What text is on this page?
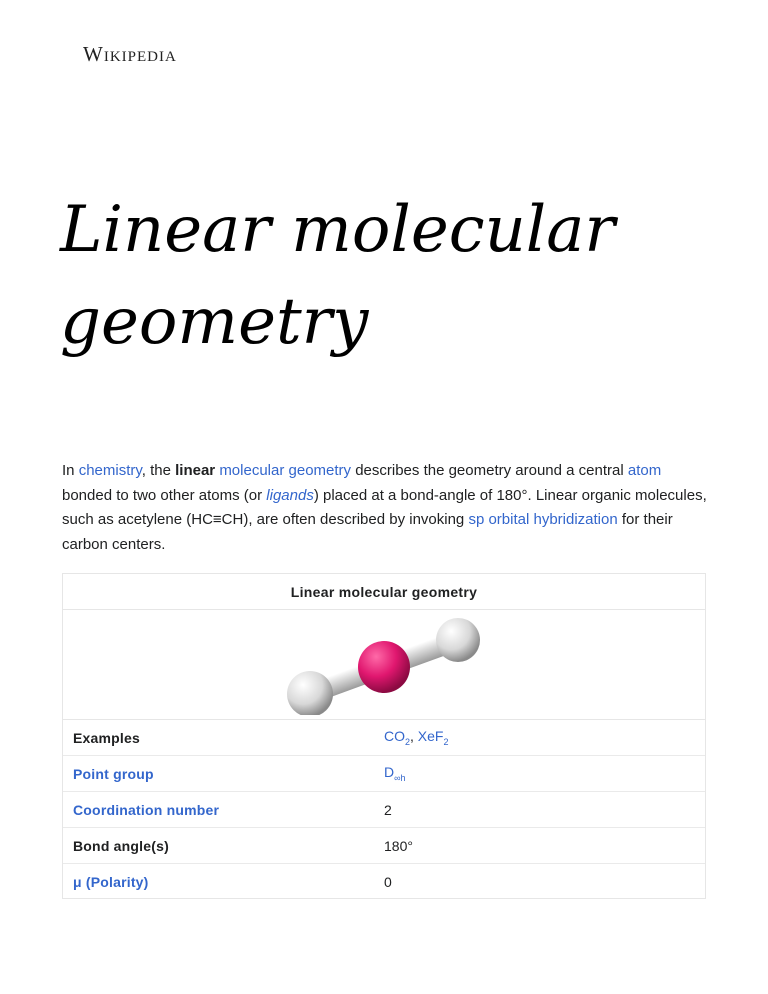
Wikipedia
Linear molecular geometry

In chemistry, the linear molecular geometry describes the geometry around a central atom bonded to two other atoms (or ligands) placed at a bond-angle of 180°. Linear organic molecules, such as acetylene (HC≡CH), are often described by invoking sp orbital hybridization for their carbon centers.

Linear molecular geometry
Examples	$CO_2$, XeF$_2$
Point group	$D_{\infty h}$
Coordination number	2
Bond angle(s)	180°
μ (Polarity)	0
